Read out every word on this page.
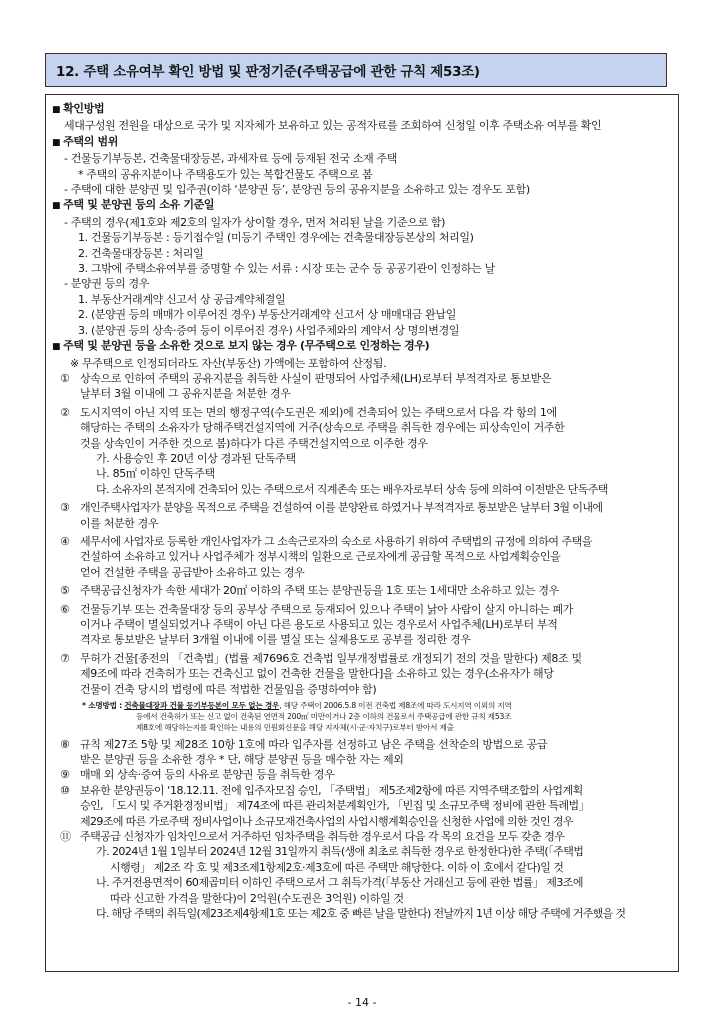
12. 주택 소유여부 확인 방법 및 판정기준(주택공급에 관한 규칙 제53조)
■ 확인방법
세대구성원 전원을 대상으로 국가 및 지자체가 보유하고 있는 공적자료를 조회하여 신청일 이후 주택소유 여부를 확인
■ 주택의 범위
- 건물등기부등본, 건축물대장등본, 과세자료 등에 등재된 전국 소재 주택
* 주택의 공유지분이나 주택용도가 있는 복합건물도 주택으로 봄
- 주택에 대한 분양권 및 입주권(이하 ‘분양권 등’, 분양권 등의 공유지분을 소유하고 있는 경우도 포함)
■ 주택 및 분양권 등의 소유 기준일
- 주택의 경우(제1호와 제2호의 일자가 상이할 경우, 먼저 처리된 날을 기준으로 함)
1. 건물등기부등본 : 등기접수일 (미등기 주택인 경우에는 건축물대장등본상의 처리일)
2. 건축물대장등본 : 처리일
3. 그밖에 주택소유여부를 증명할 수 있는 서류 : 시장 또는 군수 등 공공기관이 인정하는 날
- 분양권 등의 경우
1. 부동산거래계약 신고서 상 공급계약체결일
2. (분양권 등의 매매가 이루어진 경우) 부동산거래계약 신고서 상 매매대금 완납일
3. (분양권 등의 상속·증여 등이 이루어진 경우) 사업주체와의 계약서 상 명의변경일
■ 주택 및 분양권 등을 소유한 것으로 보지 않는 경우 (무주택으로 인정하는 경우)
※ 무주택으로 인정되더라도 자산(부동산) 가액에는 포함하여 산정됨.
① 상속으로 인하여 주택의 공유지분을 취득한 사실이 판명되어 사업주체(LH)로부터 부적격자로 통보받은
날부터 3월 이내에 그 공유지분을 처분한 경우
② 도시지역이 아닌 지역 또는 면의 행정구역(수도권은 제외)에 건축되어 있는 주택으로서 다음 각 항의 1에
해당하는 주택의 소유자가 당해주택건설지역에 거주(상속으로 주택을 취득한 경우에는 피상속인이 거주한
것을 상속인이 거주한 것으로 봄)하다가 다른 주택건설지역으로 이주한 경우
가. 사용승인 후 20년 이상 경과된 단독주택
나. 85㎡ 이하인 단독주택
다. 소유자의 본적지에 건축되어 있는 주택으로서 직계존속 또는 배우자로부터 상속 등에 의하여 이전받은 단독주택
③ 개인주택사업자가 분양을 목적으로 주택을 건설하여 이를 분양완료 하였거나 부적격자로 통보받은 날부터 3월 이내에
이를 처분한 경우
④ 세무서에 사업자로 등록한 개인사업자가 그 소속근로자의 숙소로 사용하기 위하여 주택법의 규정에 의하여 주택을
건설하여 소유하고 있거나 사업주체가 정부시책의 일환으로 근로자에게 공급할 목적으로 사업계획승인을
얻어 건설한 주택을 공급받아 소유하고 있는 경우
⑤ 주택공급신청자가 속한 세대가 20㎡ 이하의 주택 또는 분양권등을 1호 또는 1세대만 소유하고 있는 경우
⑥ 건물등기부 또는 건축물대장 등의 공부상 주택으로 등재되어 있으나 주택이 낡아 사람이 살지 아니하는 폐가
이거나 주택이 멸실되었거나 주택이 아닌 다른 용도로 사용되고 있는 경우로서 사업주체(LH)로부터 부적
격자로 통보받은 날부터 3개월 이내에 이를 멸실 또는 실제용도로 공부를 정리한 경우
⑦ 무허가 건물[종전의 「건축법」(법률 제7696호 건축법 일부개정법률로 개정되기 전의 것을 말한다) 제8조 및
제9조에 따라 건축허가 또는 건축신고 없이 건축한 건물을 말한다]을 소유하고 있는 경우(소유자가 해당
건물이 건축 당시의 법령에 따른 적법한 건물임을 증명하여야 함)
* 소명방법 : 건축물대장과 건물 등기부등본이 모두 없는 경우, 해당 주택이 2006.5.8 이전 건축법 제8조에 따라 도시지역 이외의 지역
등에서 건축허가 또는 신고 없이 건축된 연면적 200㎡ 미만이거나 2층 이하의 건물로서 주택공급에 관한 규칙 제53조
제8호에 해당하는지를 확인하는 내용의 민원회신문을 해당 지자체(시·군·자치구)로부터 받아서 제출
⑧ 규칙 제27조 5항 및 제28조 10항 1호에 따라 입주자를 선정하고 남은 주택을 선착순의 방법으로 공급
받은 분양권 등을 소유한 경우 * 단, 해당 분양권 등을 매수한 자는 제외
⑨ 매매 외 상속·증여 등의 사유로 분양권 등을 취득한 경우
⑩ 보유한 분양권등이 ‘18.12.11. 전에 입주자모집 승인, 「주택법」 제5조제2항에 따른 지역주택조합의 사업계획
승인, 「도시 및 주거환경정비법」 제74조에 따른 관리처분계획인가, 「빈집 및 소규모주택 정비에 관한 특례법」
제29조에 따른 가로주택 정비사업이나 소규모재건축사업의 사업시행계획승인을 신청한 사업에 의한 것인 경우
⑪ 주택공급 신청자가 임차인으로서 거주하던 임차주택을 취득한 경우로서 다음 각 목의 요건을 모두 갖춘 경우
가. 2024년 1월 1일부터 2024년 12월 31일까지 취득(생애 최초로 취득한 경우로 한정한다)한 주택(「주택법
시행령」 제2조 각 호 및 제3조제1항제2호·제3호에 따른 주택만 해당한다. 이하 이 호에서 같다)일 것
나. 주거전용면적이 60제곱미터 이하인 주택으로서 그 취득가격(「부동산 거래신고 등에 관한 법률」 제3조에
따라 신고한 가격을 말한다)이 2억원(수도권은 3억원) 이하일 것
다. 해당 주택의 취득일(제23조제4항제1호 또는 제2호 중 빠른 날을 말한다) 전날까지 1년 이상 해당 주택에 거주했을 것
- 14 -
